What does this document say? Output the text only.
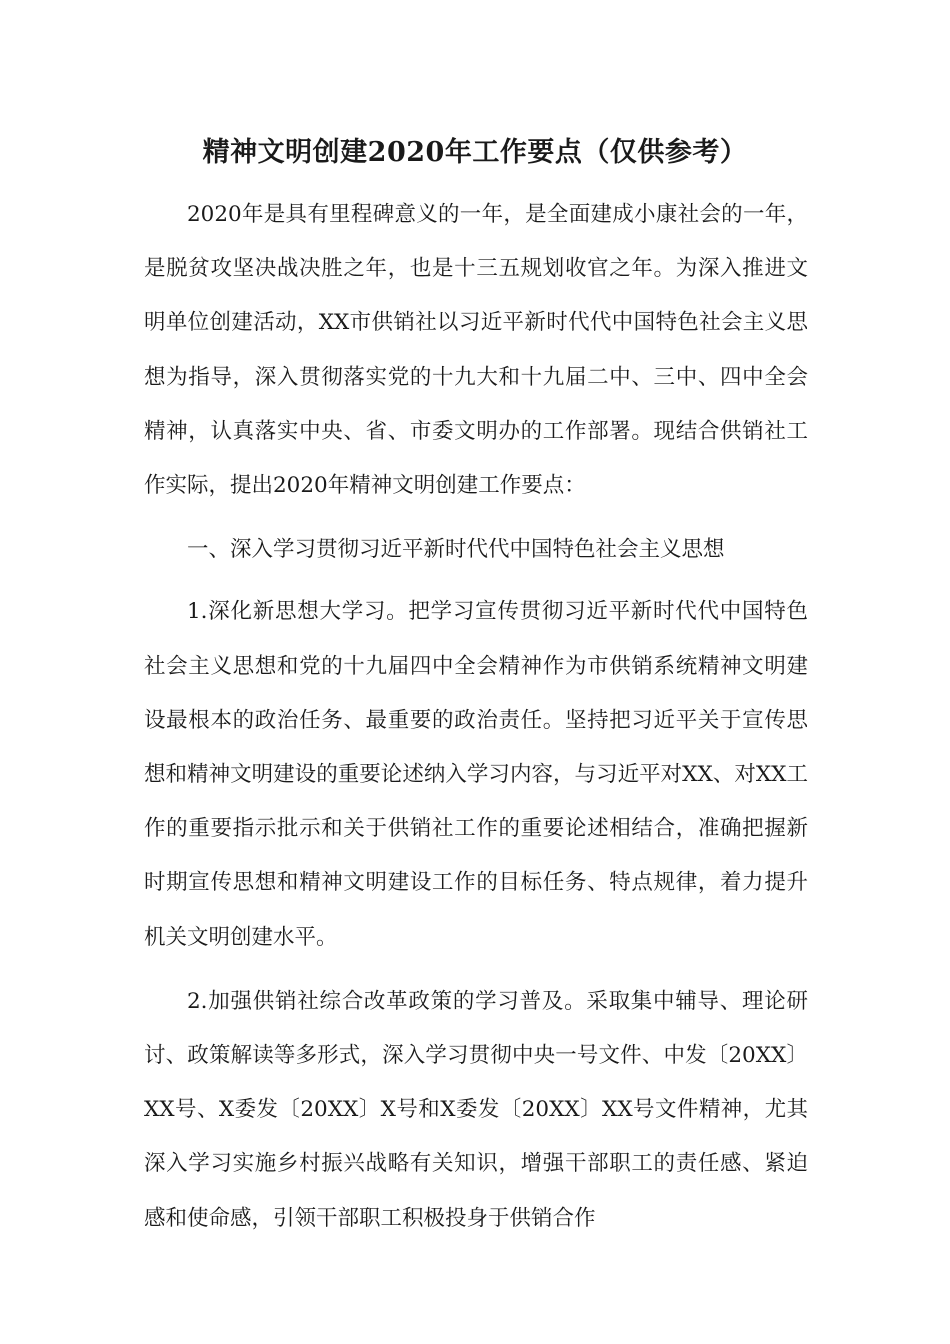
精神文明创建2020年工作要点（仅供参考）

2020年是具有里程碑意义的一年，是全面建成小康社会的一年，是脱贫攻坚决战决胜之年，也是十三五规划收官之年。为深入推进文明单位创建活动，XX市供销社以习近平新时代代中国特色社会主义思想为指导，深入贯彻落实党的十九大和十九届二中、三中、四中全会精神，认真落实中央、省、市委文明办的工作部署。现结合供销社工作实际，提出2020年精神文明创建工作要点：

一、深入学习贯彻习近平新时代代中国特色社会主义思想

1.深化新思想大学习。把学习宣传贯彻习近平新时代代中国特色社会主义思想和党的十九届四中全会精神作为市供销系统精神文明建设最根本的政治任务、最重要的政治责任。坚持把习近平关于宣传思想和精神文明建设的重要论述纳入学习内容，与习近平对XX、对XX工作的重要指示批示和关于供销社工作的重要论述相结合，准确把握新时期宣传思想和精神文明建设工作的目标任务、特点规律，着力提升机关文明创建水平。

2.加强供销社综合改革政策的学习普及。采取集中辅导、理论研讨、政策解读等多形式，深入学习贯彻中央一号文件、中发〔20XX〕XX号、X委发〔20XX〕X号和X委发〔20XX〕XX号文件精神，尤其深入学习实施乡村振兴战略有关知识，增强干部职工的责任感、紧迫感和使命感，引领干部职工积极投身于供销合作
